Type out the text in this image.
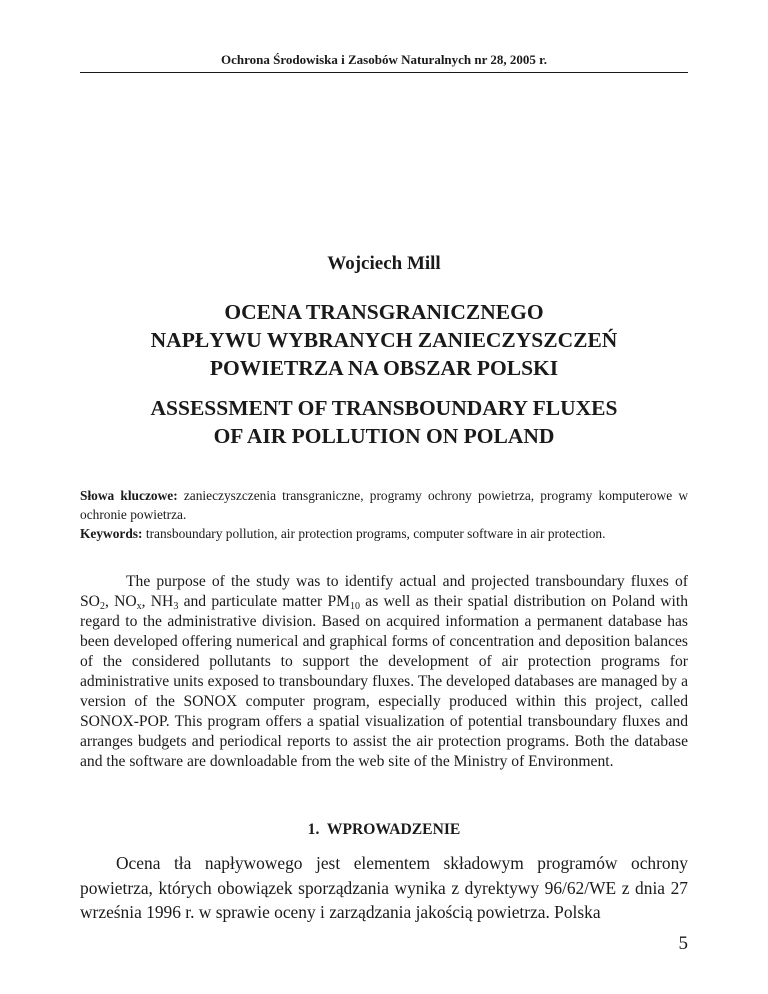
Ochrona Środowiska i Zasobów Naturalnych nr 28, 2005 r.
Wojciech Mill
OCENA TRANSGRANICZNEGO
NAPŁYWU WYBRANYCH ZANIECZYSZCZEŃ
POWIETRZA NA OBSZAR POLSKI
ASSESSMENT OF TRANSBOUNDARY FLUXES
OF AIR POLLUTION ON POLAND
Słowa kluczowe: zanieczyszczenia transgraniczne, programy ochrony powietrza, programy komputerowe w ochronie powietrza.
Keywords: transboundary pollution, air protection programs, computer software in air protection.

The purpose of the study was to identify actual and projected transboundary fluxes of $SO_2$, $NO_x$, $NH_3$ and particulate matter $PM_{10}$ as well as their spatial distribution on Poland with regard to the administrative division. Based on acquired information a permanent database has been developed offering numerical and graphical forms of concentration and deposition balances of the considered pollutants to support the development of air protection programs for administrative units exposed to transboundary fluxes. The developed databases are managed by a version of the SONOX computer program, especially produced within this project, called SONOX-POP. This program offers a spatial visualization of potential transboundary fluxes and arranges budgets and periodical reports to assist the air protection programs. Both the database and the software are downloadable from the web site of the Ministry of Environment.

1.  WPROWADZENIE

Ocena tła napływowego jest elementem składowym programów ochrony powietrza, których obowiązek sporządzania wynika z dyrektywy 96/62/WE z dnia 27 września 1996 r. w sprawie oceny i zarządzania jakością powietrza. Polska

5
